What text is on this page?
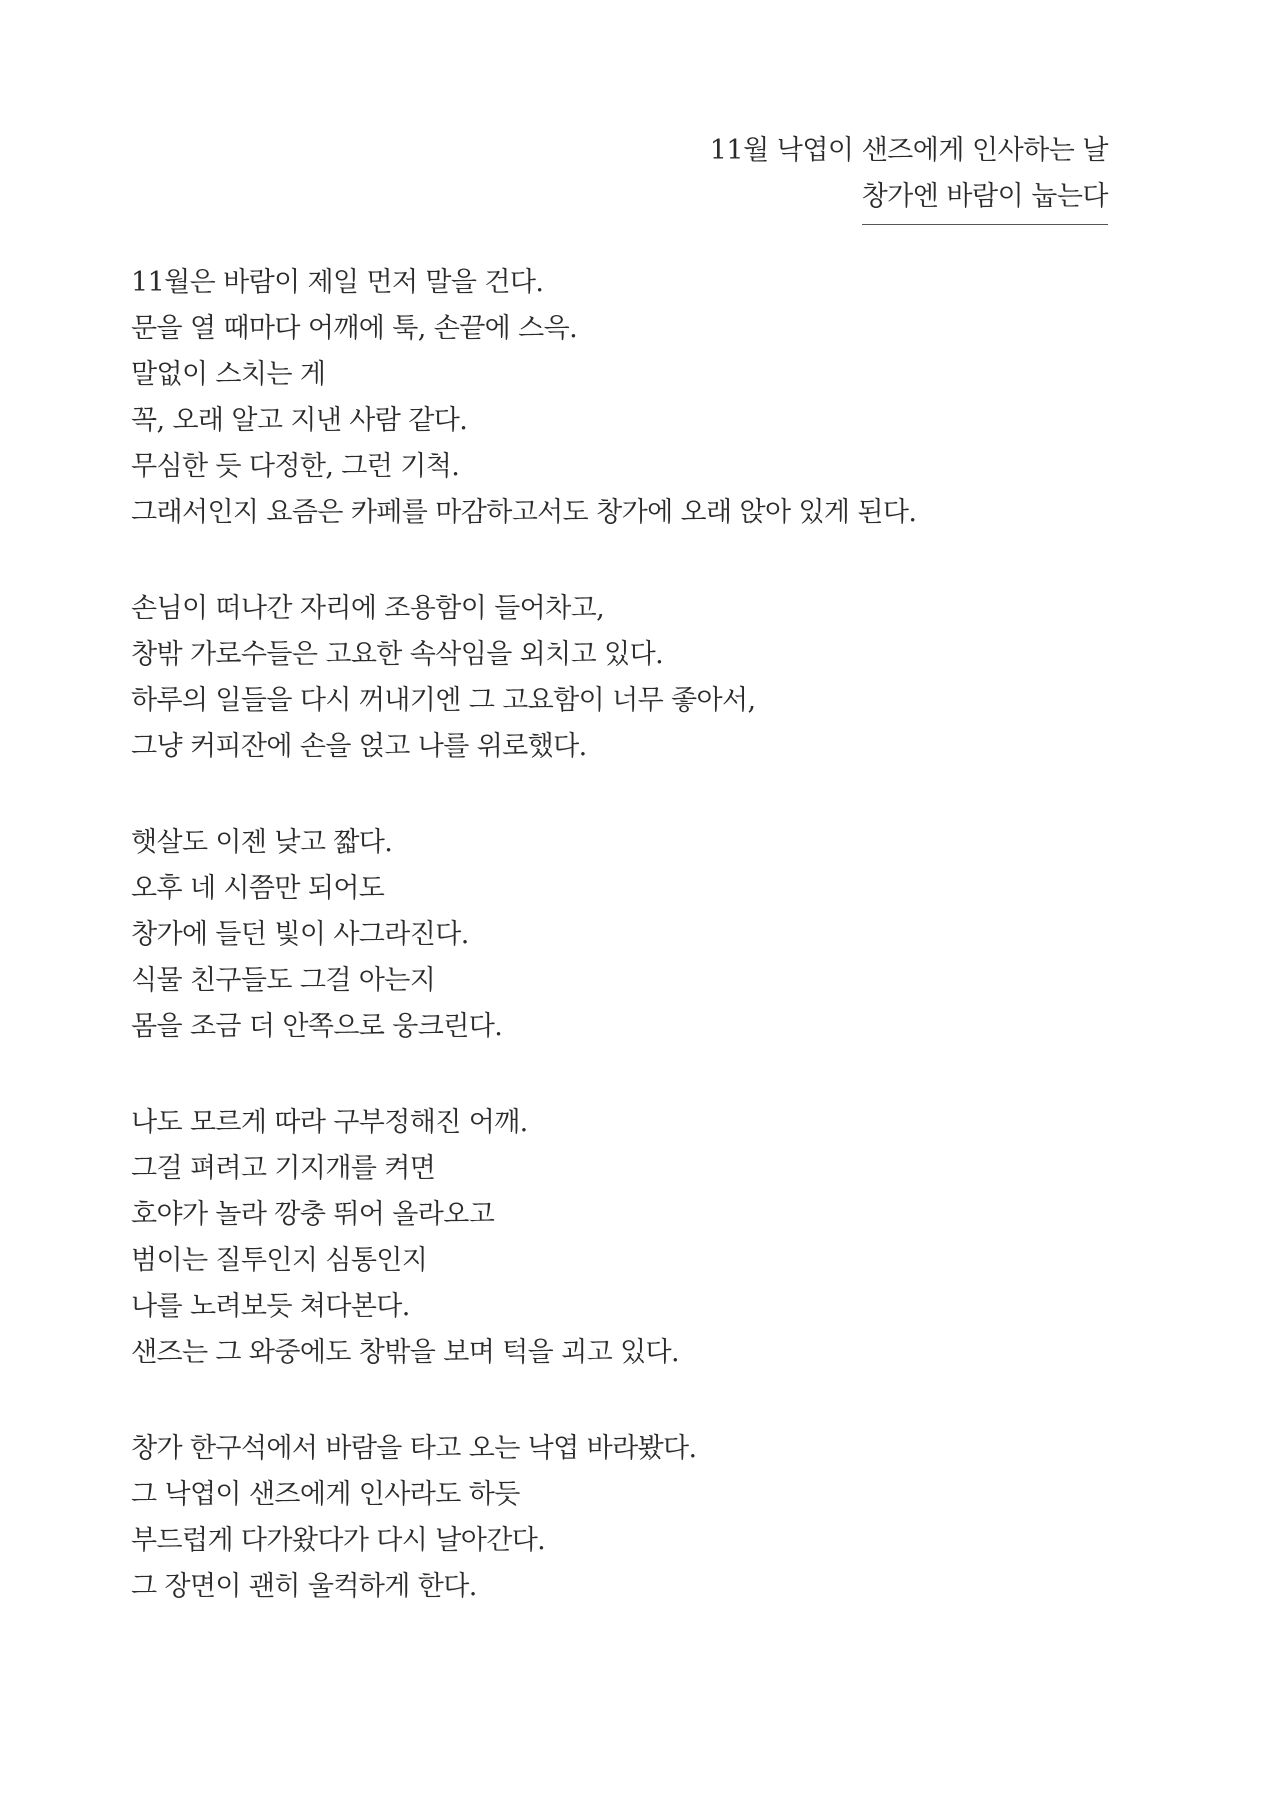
11월 낙엽이 샌즈에게 인사하는 날
창가엔 바람이 눕는다
11월은 바람이 제일 먼저 말을 건다.
문을 열 때마다 어깨에 툭, 손끝에 스윽.
말없이 스치는 게
꼭, 오래 알고 지낸 사람 같다.
무심한 듯 다정한, 그런 기척.
그래서인지 요즘은 카페를 마감하고서도 창가에 오래 앉아 있게 된다.
손님이 떠나간 자리에 조용함이 들어차고,
창밖 가로수들은 고요한 속삭임을 외치고 있다.
하루의 일들을 다시 꺼내기엔 그 고요함이 너무 좋아서,
그냥 커피잔에 손을 얹고 나를 위로했다.
햇살도 이젠 낮고 짧다.
오후 네 시쯤만 되어도
창가에 들던 빛이 사그라진다.
식물 친구들도 그걸 아는지
몸을 조금 더 안쪽으로 웅크린다.
나도 모르게 따라 구부정해진 어깨.
그걸 펴려고 기지개를 켜면
호야가 놀라 깡충 뛰어 올라오고
범이는 질투인지 심통인지
나를 노려보듯 쳐다본다.
샌즈는 그 와중에도 창밖을 보며 턱을 괴고 있다.
창가 한구석에서 바람을 타고 오는 낙엽 바라봤다.
그 낙엽이 샌즈에게 인사라도 하듯
부드럽게 다가왔다가 다시 날아간다.
그 장면이 괜히 울컥하게 한다.
